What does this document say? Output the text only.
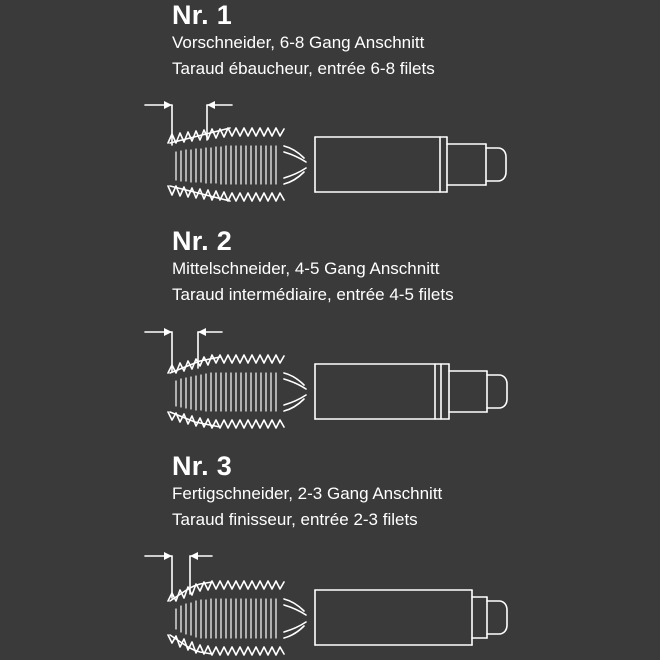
Nr. 1
Vorschneider, 6-8 Gang Anschnitt
Taraud ébaucheur, entrée 6-8 filets
Nr. 2
Mittelschneider, 4-5 Gang Anschnitt
Taraud intermédiaire, entrée 4-5 filets
Nr. 3
Fertigschneider, 2-3 Gang Anschnitt
Taraud finisseur, entrée 2-3 filets
